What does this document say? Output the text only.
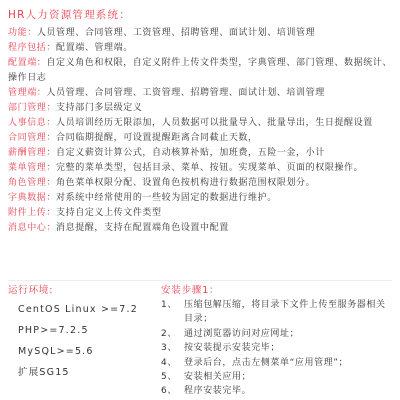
HR人力资源管理系统：

功能：人员管理、合同管理、工资管理、招聘管理、面试计划、培训管理

程序包括：配置端、管理端。

配置端：自定义角色和权限，自定义附件上传文件类型，字典管理、部门管理、数据统计、操作日志

管理端：人员管理、合同管理、工资管理、招聘管理、面试计划、培训管理

部门管理：支持部门多层级定义

人事信息：人员培训经历无限添加，人员数据可以批量导入、批量导出，生日提醒设置

合同管理：合同临期提醒，可设置提醒距离合同截止天数，

薪酬管理：自定义薪资计算公式，自动核算补贴，加班费，五险一金，小计

菜单管理：完整的菜单类型，包括目录、菜单、按钮。实现菜单、页面的权限操作。

角色管理：角色菜单权限分配、设置角色按机构进行数据范围权限划分。

字典数据：对系统中经常使用的一些较为固定的数据进行维护。

附件上传：支持自定义上传文件类型

消息中心：消息提醒，支持在配置端角色设置中配置

运行环境:
CentOS Linux >=7.2
PHP>=7.2.5
MySQL>=5.6
扩展SG15
安装步骤1：
1、 压缩包解压缩，将目录下文件上传至服务器相关目录；
2、 通过浏览器访问对应网址；
3、 按安装提示安装完毕；
4、 登录后台，点击左侧菜单“应用管理”；
5、 安装相关应用；
6、 程序安装完毕。
